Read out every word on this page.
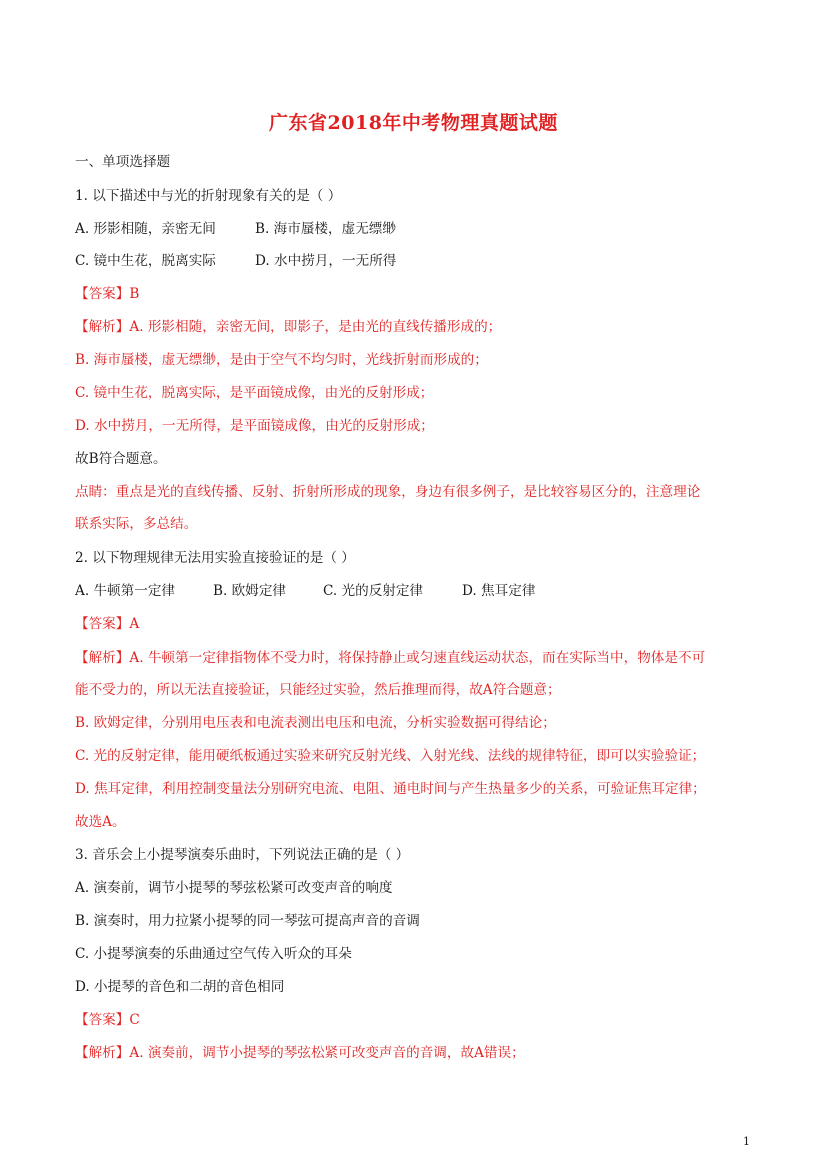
广东省2018年中考物理真题试题
一、单项选择题
1. 以下描述中与光的折射现象有关的是（ ）
A. 形影相随，亲密无间	B. 海市蜃楼，虚无缥缈
C. 镜中生花，脱离实际	D. 水中捞月，一无所得
【答案】B
【解析】A. 形影相随，亲密无间，即影子，是由光的直线传播形成的；
B. 海市蜃楼，虚无缥缈，是由于空气不均匀时，光线折射而形成的；
C. 镜中生花，脱离实际，是平面镜成像，由光的反射形成；
D. 水中捞月，一无所得，是平面镜成像，由光的反射形成；
故B符合题意。
点睛：重点是光的直线传播、反射、折射所形成的现象，身边有很多例子，是比较容易区分的，注意理论
联系实际，多总结。
2. 以下物理规律无法用实验直接验证的是（ ）
A. 牛顿第一定律	B. 欧姆定律	C. 光的反射定律	D. 焦耳定律
【答案】A
【解析】A. 牛顿第一定律指物体不受力时，将保持静止或匀速直线运动状态，而在实际当中，物体是不可
能不受力的，所以无法直接验证，只能经过实验，然后推理而得，故A符合题意；
B. 欧姆定律，分别用电压表和电流表测出电压和电流，分析实验数据可得结论；
C. 光的反射定律，能用硬纸板通过实验来研究反射光线、入射光线、法线的规律特征，即可以实验验证；
D. 焦耳定律，利用控制变量法分别研究电流、电阻、通电时间与产生热量多少的关系，可验证焦耳定律；
故选A。
3. 音乐会上小提琴演奏乐曲时，下列说法正确的是（ ）
A. 演奏前，调节小提琴的琴弦松紧可改变声音的响度
B. 演奏时，用力拉紧小提琴的同一琴弦可提高声音的音调
C. 小提琴演奏的乐曲通过空气传入听众的耳朵
D. 小提琴的音色和二胡的音色相同
【答案】C
【解析】A. 演奏前，调节小提琴的琴弦松紧可改变声音的音调，故A错误；
1
